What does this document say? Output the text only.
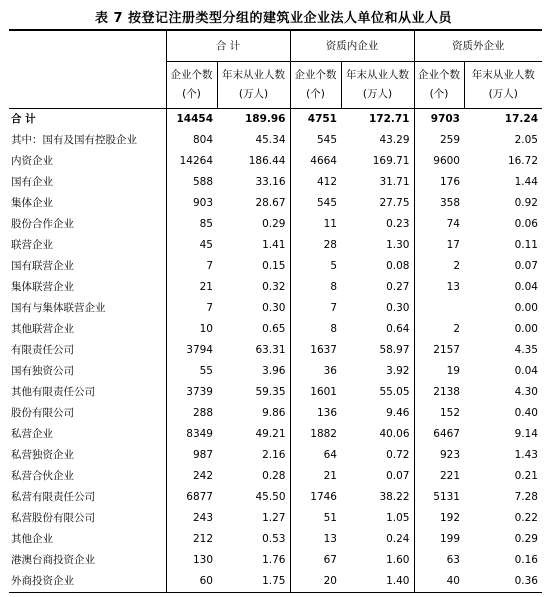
表 7 按登记注册类型分组的建筑业企业法人单位和从业人员
	合 计		资质内企业		资质外企业	
	企业个数(个)	年末从业人数(万人)	企业个数(个)	年末从业人数(万人)	企业个数(个)	年末从业人数(万人)
合 计	14454	189.96	4751	172.71	9703	17.24
其中：国有及国有控股企业	804	45.34	545	43.29	259	2.05
内资企业	14264	186.44	4664	169.71	9600	16.72
国有企业	588	33.16	412	31.71	176	1.44
集体企业	903	28.67	545	27.75	358	0.92
股份合作企业	85	0.29	11	0.23	74	0.06
联营企业	45	1.41	28	1.30	17	0.11
国有联营企业	7	0.15	5	0.08	2	0.07
集体联营企业	21	0.32	8	0.27	13	0.04
国有与集体联营企业	7	0.30	7	0.30		0.00
其他联营企业	10	0.65	8	0.64	2	0.00
有限责任公司	3794	63.31	1637	58.97	2157	4.35
国有独资公司	55	3.96	36	3.92	19	0.04
其他有限责任公司	3739	59.35	1601	55.05	2138	4.30
股份有限公司	288	9.86	136	9.46	152	0.40
私营企业	8349	49.21	1882	40.06	6467	9.14
私营独资企业	987	2.16	64	0.72	923	1.43
私营合伙企业	242	0.28	21	0.07	221	0.21
私营有限责任公司	6877	45.50	1746	38.22	5131	7.28
私营股份有限公司	243	1.27	51	1.05	192	0.22
其他企业	212	0.53	13	0.24	199	0.29
港澳台商投资企业	130	1.76	67	1.60	63	0.16
外商投资企业	60	1.75	20	1.40	40	0.36
